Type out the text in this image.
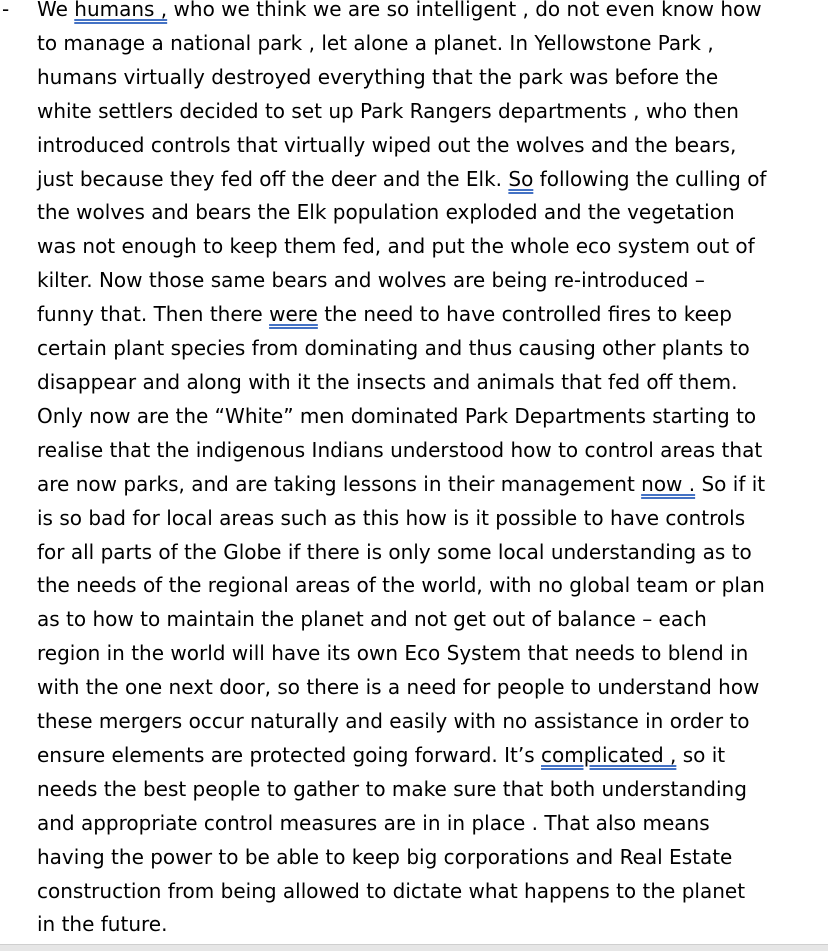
- We humans , who we think we are so intelligent , do not even know how
to manage a national park , let alone a planet. In Yellowstone Park ,
humans virtually destroyed everything that the park was before the
white settlers decided to set up Park Rangers departments , who then
introduced controls that virtually wiped out the wolves and the bears,
just because they fed off the deer and the Elk. So following the culling of
the wolves and bears the Elk population exploded and the vegetation
was not enough to keep them fed, and put the whole eco system out of
kilter. Now those same bears and wolves are being re-introduced –
funny that. Then there were the need to have controlled fires to keep
certain plant species from dominating and thus causing other plants to
disappear and along with it the insects and animals that fed off them.
Only now are the “White” men dominated Park Departments starting to
realise that the indigenous Indians understood how to control areas that
are now parks, and are taking lessons in their management now . So if it
is so bad for local areas such as this how is it possible to have controls
for all parts of the Globe if there is only some local understanding as to
the needs of the regional areas of the world, with no global team or plan
as to how to maintain the planet and not get out of balance – each
region in the world will have its own Eco System that needs to blend in
with the one next door, so there is a need for people to understand how
these mergers occur naturally and easily with no assistance in order to
ensure elements are protected going forward. It’s complicated , so it
needs the best people to gather to make sure that both understanding
and appropriate control measures are in in place . That also means
having the power to be able to keep big corporations and Real Estate
construction from being allowed to dictate what happens to the planet
in the future.
